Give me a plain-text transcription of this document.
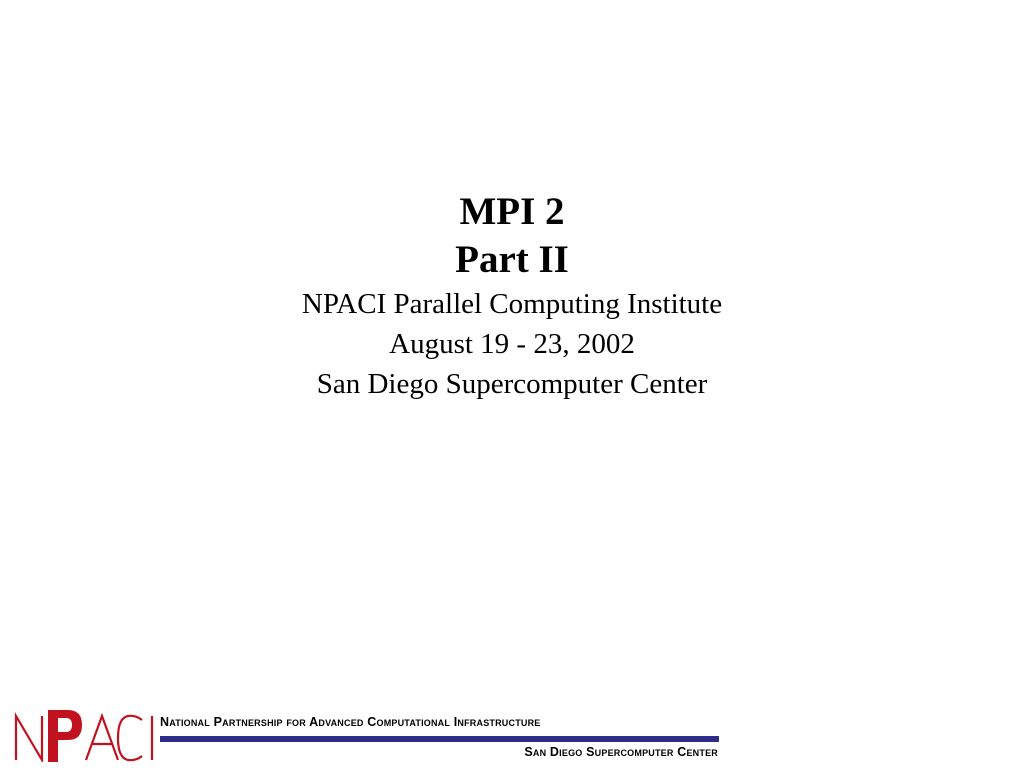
MPI 2
Part II
NPACI Parallel Computing Institute
August 19 - 23, 2002
San Diego Supercomputer Center
National Partnership for Advanced Computational Infrastructure
San Diego Supercomputer Center
